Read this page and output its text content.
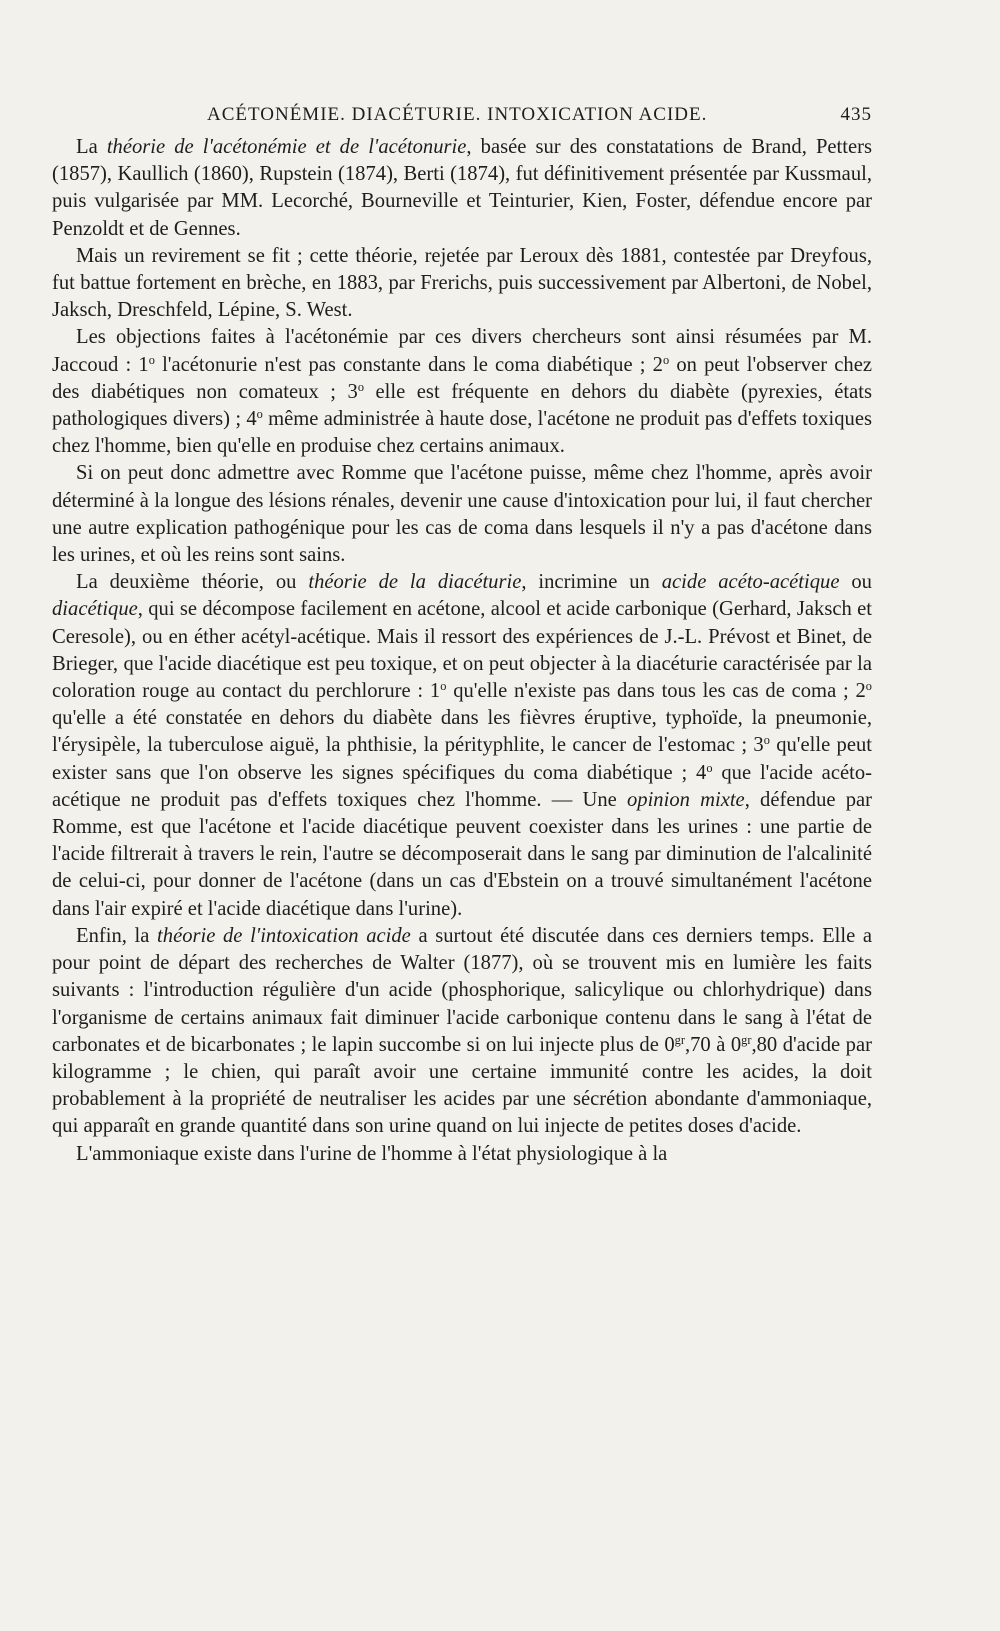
ACÉTONÉMIE. DIACÉTURIE. INTOXICATION ACIDE.	435

La théorie de l'acétonémie et de l'acétonurie, basée sur des constatations de Brand, Petters (1857), Kaullich (1860), Rupstein (1874), Berti (1874), fut définitivement présentée par Kussmaul, puis vulgarisée par MM. Lecorché, Bourneville et Teinturier, Kien, Foster, défendue encore par Penzoldt et de Gennes.

Mais un revirement se fit ; cette théorie, rejetée par Leroux dès 1881, contestée par Dreyfous, fut battue fortement en brèche, en 1883, par Frerichs, puis successivement par Albertoni, de Nobel, Jaksch, Dreschfeld, Lépine, S. West.

Les objections faites à l'acétonémie par ces divers chercheurs sont ainsi résumées par M. Jaccoud : 1$^o$ l'acétonurie n'est pas constante dans le coma diabétique ; 2$^o$ on peut l'observer chez des diabétiques non comateux ; 3$^o$ elle est fréquente en dehors du diabète (pyrexies, états pathologiques divers) ; 4$^o$ même administrée à haute dose, l'acétone ne produit pas d'effets toxiques chez l'homme, bien qu'elle en produise chez certains animaux.

Si on peut donc admettre avec Romme que l'acétone puisse, même chez l'homme, après avoir déterminé à la longue des lésions rénales, devenir une cause d'intoxication pour lui, il faut chercher une autre explication pathogénique pour les cas de coma dans lesquels il n'y a pas d'acétone dans les urines, et où les reins sont sains.

La deuxième théorie, ou théorie de la diacéturie, incrimine un acide acéto-acétique ou diacétique, qui se décompose facilement en acétone, alcool et acide carbonique (Gerhard, Jaksch et Ceresole), ou en éther acétyl-acétique. Mais il ressort des expériences de J.-L. Prévost et Binet, de Brieger, que l'acide diacétique est peu toxique, et on peut objecter à la diacéturie caractérisée par la coloration rouge au contact du perchlorure : 1$^o$ qu'elle n'existe pas dans tous les cas de coma ; 2$^o$ qu'elle a été constatée en dehors du diabète dans les fièvres éruptive, typhoïde, la pneumonie, l'érysipèle, la tuberculose aiguë, la phthisie, la pérityphlite, le cancer de l'estomac ; 3$^o$ qu'elle peut exister sans que l'on observe les signes spécifiques du coma diabétique ; 4$^o$ que l'acide acéto-acétique ne produit pas d'effets toxiques chez l'homme. — Une opinion mixte, défendue par Romme, est que l'acétone et l'acide diacétique peuvent coexister dans les urines : une partie de l'acide filtrerait à travers le rein, l'autre se décomposerait dans le sang par diminution de l'alcalinité de celui-ci, pour donner de l'acétone (dans un cas d'Ebstein on a trouvé simultanément l'acétone dans l'air expiré et l'acide diacétique dans l'urine).

Enfin, la théorie de l'intoxication acide a surtout été discutée dans ces derniers temps. Elle a pour point de départ des recherches de Walter (1877), où se trouvent mis en lumière les faits suivants : l'introduction régulière d'un acide (phosphorique, salicylique ou chlorhydrique) dans l'organisme de certains animaux fait diminuer l'acide carbonique contenu dans le sang à l'état de carbonates et de bicarbonates ; le lapin succombe si on lui injecte plus de $0^{gr},70$ à $0^{gr},80$ d'acide par kilogramme ; le chien, qui paraît avoir une certaine immunité contre les acides, la doit probablement à la propriété de neutraliser les acides par une sécrétion abondante d'ammoniaque, qui apparaît en grande quantité dans son urine quand on lui injecte de petites doses d'acide.

L'ammoniaque existe dans l'urine de l'homme à l'état physiologique à la
